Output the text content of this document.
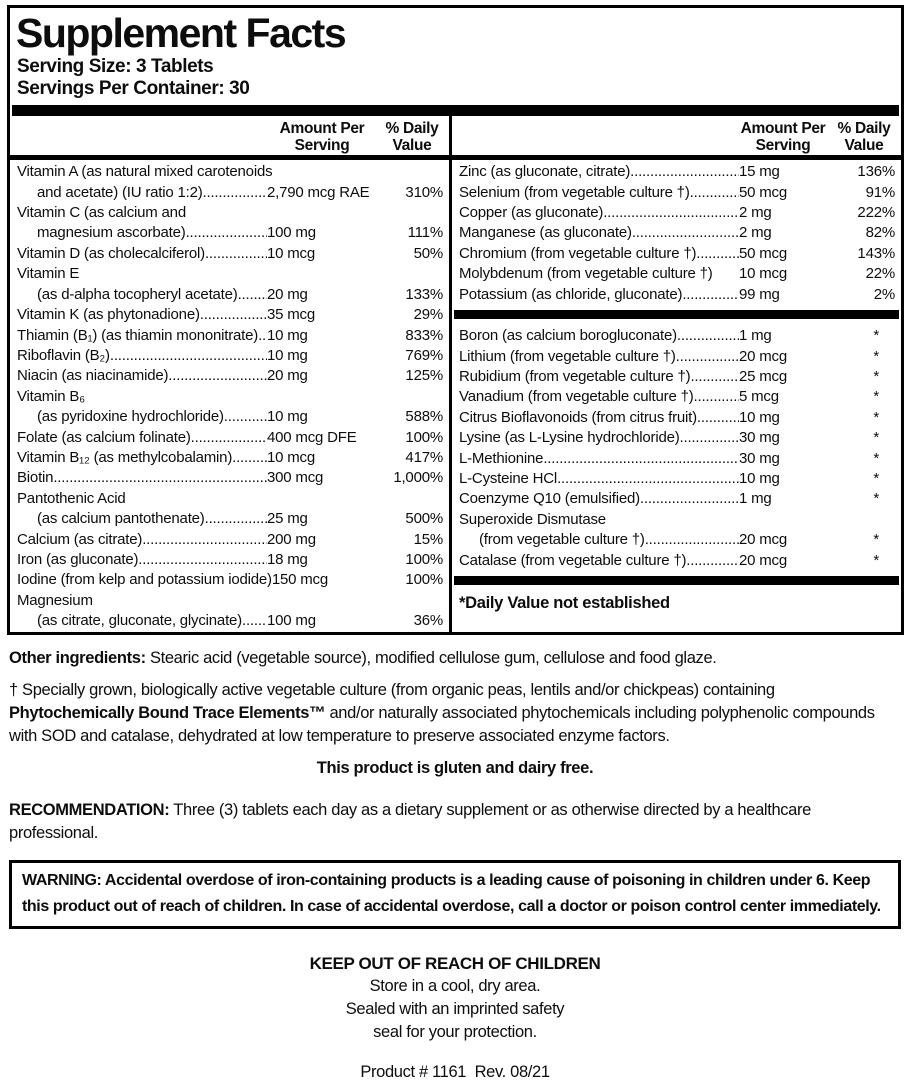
Supplement Facts
Serving Size: 3 Tablets
Servings Per Container: 30
Amount Per
Serving
% Daily
Value
Vitamin A (as natural mixed carotenoids
and acetate) (IU ratio 1:2) .....	2,790 mcg RAE	310%
Vitamin C (as calcium and
magnesium ascorbate) .....	100 mg	111%
Vitamin D (as cholecalciferol) .....	10 mcg	50%
Vitamin E
(as d-alpha tocopheryl acetate) ..... 20 mg	133%
Vitamin K (as phytonadione) .....	35 mcg	29%
Thiamin (B₁) (as thiamin mononitrate) ..... 10 mg	833%
Riboflavin (B₂) .....	10 mg	769%
Niacin (as niacinamide) .....	20 mg	125%
Vitamin B₆
(as pyridoxine hydrochloride) .....	10 mg	588%
Folate (as calcium folinate) .....	400 mcg DFE	100%
Vitamin B₁₂ (as methylcobalamin) ..... 10 mcg	417%
Biotin .....	300 mcg	1,000%
Pantothenic Acid
(as calcium pantothenate) .....	25 mg	500%
Calcium (as citrate) .....	200 mg	15%
Iron (as gluconate) .....	18 mg	100%
Iodine (from kelp and potassium iodide) 150 mcg	100%
Magnesium
(as citrate, gluconate, glycinate) ..... 100 mg	36%
Amount Per
Serving
% Daily
Value
Zinc (as gluconate, citrate) .....	15 mg	136%
Selenium (from vegetable culture †) .....	50 mcg	91%
Copper (as gluconate) .....	2 mg	222%
Manganese (as gluconate) .....	2 mg	82%
Chromium (from vegetable culture †) .....	50 mcg	143%
Molybdenum (from vegetable culture †) 10 mcg	22%
Potassium (as chloride, gluconate) .....	99 mg	2%
Boron (as calcium borogluconate) .....	1 mg	*
Lithium (from vegetable culture †) .....	20 mcg	*
Rubidium (from vegetable culture †) .....	25 mcg	*
Vanadium (from vegetable culture †) .....	5 mcg	*
Citrus Bioflavonoids (from citrus fruit) .....	10 mg	*
Lysine (as L-Lysine hydrochloride) .....	30 mg	*
L-Methionine .....	30 mg	*
L-Cysteine HCl .....	10 mg	*
Coenzyme Q10 (emulsified) .....	1 mg	*
Superoxide Dismutase
(from vegetable culture †) .....	20 mcg	*
Catalase (from vegetable culture †) .....	20 mcg	*
*Daily Value not established
Other ingredients: Stearic acid (vegetable source), modified cellulose gum, cellulose and food glaze.
† Specially grown, biologically active vegetable culture (from organic peas, lentils and/or chickpeas) containing Phytochemically Bound Trace Elements™ and/or naturally associated phytochemicals including polyphenolic compounds with SOD and catalase, dehydrated at low temperature to preserve associated enzyme factors.
This product is gluten and dairy free.
RECOMMENDATION: Three (3) tablets each day as a dietary supplement or as otherwise directed by a healthcare professional.
WARNING: Accidental overdose of iron-containing products is a leading cause of poisoning in children under 6. Keep this product out of reach of children. In case of accidental overdose, call a doctor or poison control center immediately.
KEEP OUT OF REACH OF CHILDREN
Store in a cool, dry area.
Sealed with an imprinted safety
seal for your protection.
Product # 1161  Rev. 08/21
